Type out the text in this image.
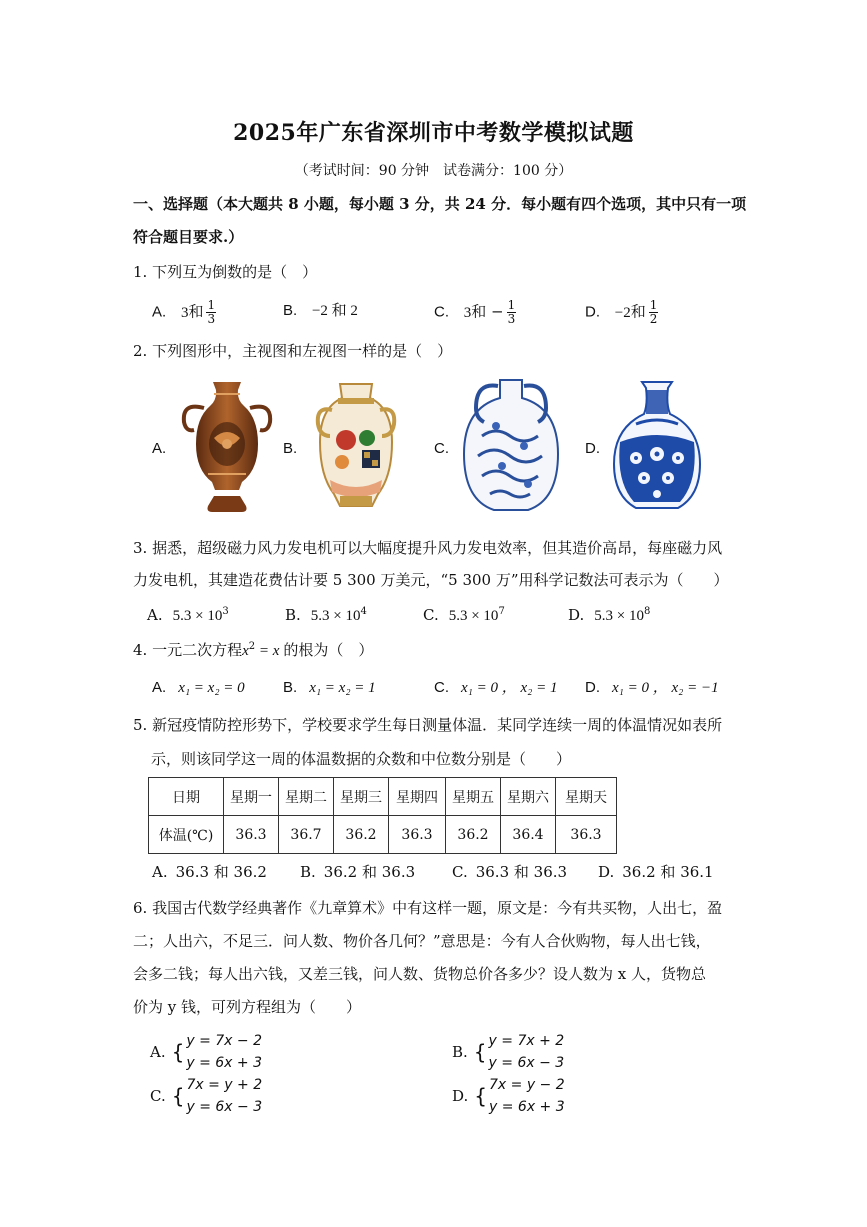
2025年广东省深圳市中考数学模拟试题
（考试时间：90 分钟　试卷满分：100 分）
一、选择题（本大题共 8 小题，每小题 3 分，共 24 分．每小题有四个选项，其中只有一项
符合题目要求.）
1. 下列互为倒数的是（　）
A. 3和 $\frac{1}{3}$	B. −2 和 2	C. 3和 − $\frac{1}{3}$	D. −2和 $\frac{1}{2}$
2. 下列图形中，主视图和左视图一样的是（　）
A.	B.	C.	D.
3. 据悉，超级磁力风力发电机可以大幅度提升风力发电效率，但其造价高昂，每座磁力风
力发电机，其建造花费估计要 5 300 万美元，“5 300 万”用科学记数法可表示为（　　）
A. $5.3 \times 10^3$	B. $5.3 \times 10^4$	C. $5.3 \times 10^7$	D. $5.3 \times 10^8$
4. 一元二次方程$x^2 = x$ 的根为（　）
A. x₁ = x₂ = 0	B. x₁ = x₂ = 1	C. x₁ = 0 ， x₂ = 1 D. x₁ = 0 ， x₂ = −1
5. 新冠疫情防控形势下，学校要求学生每日测量体温．某同学连续一周的体温情况如表所
示，则该同学这一周的体温数据的众数和中位数分别是（　　）
日期	星期一	星期二	星期三	星期四	星期五	星期六	星期天
体温(℃)	36.3	36.7	36.2	36.3	36.2	36.4	36.3
A. 36.3 和 36.2 B. 36.2 和 36.3 C. 36.3 和 36.3 D. 36.2 和 36.1
6. 我国古代数学经典著作《九章算术》中有这样一题，原文是：今有共买物，人出七，盈
二；人出六，不足三．问人数、物价各几何？”意思是：今有人合伙购物，每人出七钱，
会多二钱；每人出六钱，又差三钱，问人数、货物总价各多少？设人数为 x 人，货物总
价为 y 钱，可列方程组为（　　）
A. { y = 7x − 2
y = 6x + 3
B. { y = 7x + 2
y = 6x − 3
C. { 7x = y + 2
y = 6x − 3
D. { 7x = y − 2
y = 6x + 3
